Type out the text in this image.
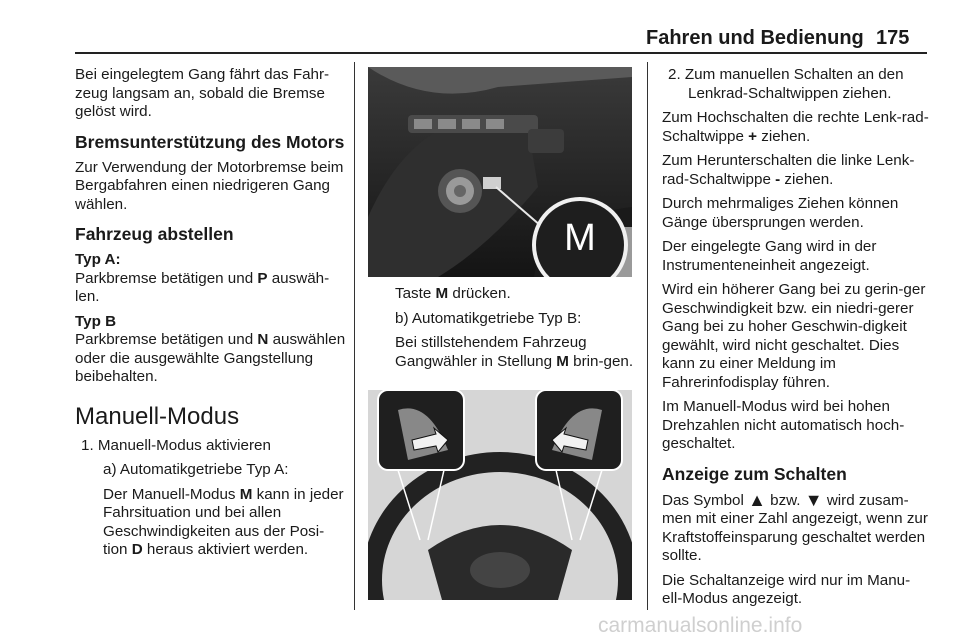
Fahren und Bedienung 175

Bei eingelegtem Gang fährt das Fahr-zeug langsam an, sobald die Bremse gelöst wird.

Bremsunterstützung des Motors

Zur Verwendung der Motorbremse beim Bergabfahren einen niedrigeren Gang wählen.

Fahrzeug abstellen

Typ A:
Parkbremse betätigen und P auswäh-len.

Typ B
Parkbremse betätigen und N auswählen oder die ausgewählte Gangstellung beibehalten.

Manuell-Modus

1. Manuell-Modus aktivieren

a) Automatikgetriebe Typ A:

Der Manuell-Modus M kann in jeder Fahrsituation und bei allen Geschwindigkeiten aus der Posi-tion D heraus aktiviert werden.

M

Taste M drücken.

b) Automatikgetriebe Typ B:

Bei stillstehendem Fahrzeug Gangwähler in Stellung M brin-gen.

2. Zum manuellen Schalten an den Lenkrad-Schaltwippen ziehen.

Zum Hochschalten die rechte Lenk-rad-Schaltwippe + ziehen.

Zum Herunterschalten die linke Lenk-rad-Schaltwippe - ziehen.

Durch mehrmaliges Ziehen können Gänge übersprungen werden.

Der eingelegte Gang wird in der Instrumenteneinheit angezeigt.

Wird ein höherer Gang bei zu gerin-ger Geschwindigkeit bzw. ein niedri-gerer Gang bei zu hoher Geschwin-digkeit gewählt, wird nicht geschaltet. Dies kann zu einer Meldung im Fahrerinfodisplay führen.

Im Manuell-Modus wird bei hohen Drehzahlen nicht automatisch hoch-geschaltet.

Anzeige zum Schalten

Das Symbol ▲ bzw. ▼ wird zusam-men mit einer Zahl angezeigt, wenn zur Kraftstoffeinsparung geschaltet werden sollte.

Die Schaltanzeige wird nur im Manu-ell-Modus angezeigt.

carmanualsonline.info
